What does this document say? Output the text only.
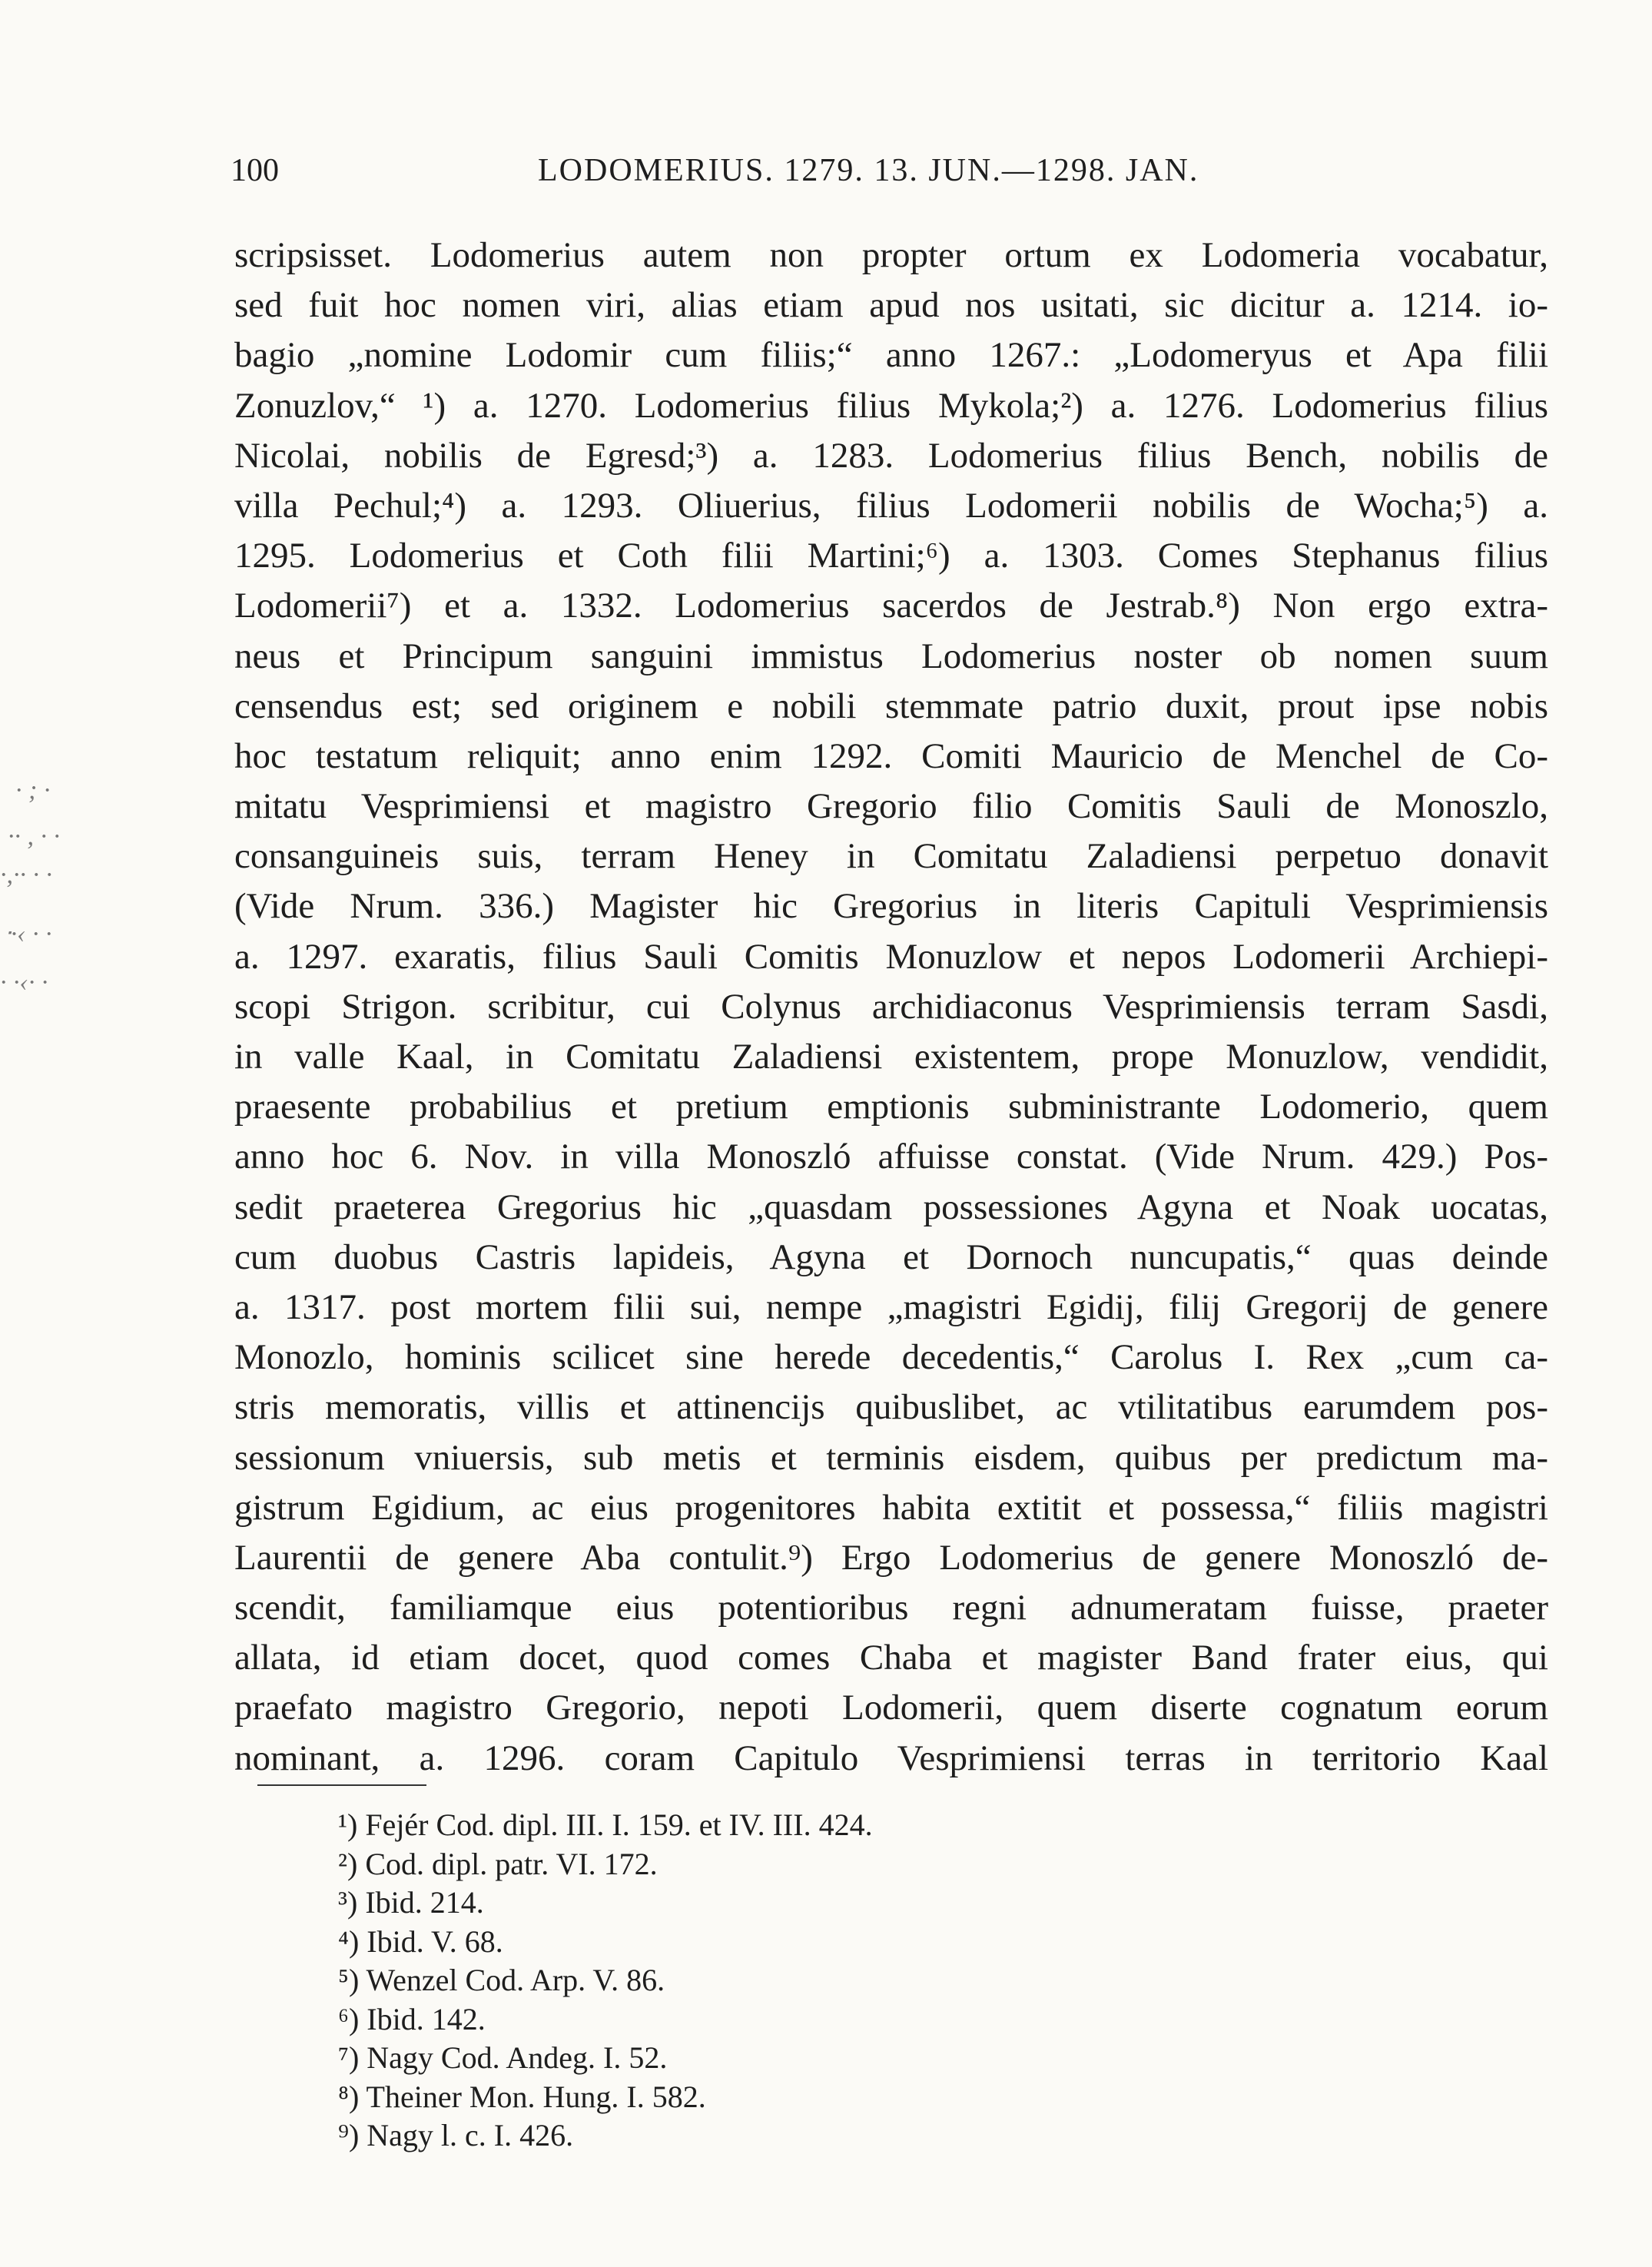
100	LODOMERIUS. 1279. 13. JUN.—1298. JAN.
scripsisset. Lodomerius autem non propter ortum ex Lodomeria vocabatur,
sed fuit hoc nomen viri, alias etiam apud nos usitati, sic dicitur a. 1214. io-
bagio „nomine Lodomir cum filiis;“ anno 1267.: „Lodomeryus et Apa filii
Zonuzlov,“ ¹) a. 1270. Lodomerius filius Mykola;²) a. 1276. Lodomerius filius
Nicolai, nobilis de Egresd;³) a. 1283. Lodomerius filius Bench, nobilis de
villa Pechul;⁴) a. 1293. Oliuerius, filius Lodomerii nobilis de Wocha;⁵) a.
1295. Lodomerius et Coth filii Martini;⁶) a. 1303. Comes Stephanus filius
Lodomerii⁷) et a. 1332. Lodomerius sacerdos de Jestrab.⁸) Non ergo extra-
neus et Principum sanguini immistus Lodomerius noster ob nomen suum
censendus est; sed originem e nobili stemmate patrio duxit, prout ipse nobis
hoc testatum reliquit; anno enim 1292. Comiti Mauricio de Menchel de Co-
mitatu Vesprimiensi et magistro Gregorio filio Comitis Sauli de Monoszlo,
consanguineis suis, terram Heney in Comitatu Zaladiensi perpetuo donavit
(Vide Nrum. 336.) Magister hic Gregorius in literis Capituli Vesprimiensis
a. 1297. exaratis, filius Sauli Comitis Monuzlow et nepos Lodomerii Archiepi-
scopi Strigon. scribitur, cui Colynus archidiaconus Vesprimiensis terram Sasdi,
in valle Kaal, in Comitatu Zaladiensi existentem, prope Monuzlow, vendidit,
praesente probabilius et pretium emptionis subministrante Lodomerio, quem
anno hoc 6. Nov. in villa Monoszló affuisse constat. (Vide Nrum. 429.) Pos-
sedit praeterea Gregorius hic „quasdam possessiones Agyna et Noak uocatas,
cum duobus Castris lapideis, Agyna et Dornoch nuncupatis,“ quas deinde
a. 1317. post mortem filii sui, nempe „magistri Egidij, filij Gregorij de genere
Monozlo, hominis scilicet sine herede decedentis,“ Carolus I. Rex „cum ca-
stris memoratis, villis et attinencijs quibuslibet, ac vtilitatibus earumdem pos-
sessionum vniuersis, sub metis et terminis eisdem, quibus per predictum ma-
gistrum Egidium, ac eius progenitores habita extitit et possessa,“ filiis magistri
Laurentii de genere Aba contulit.⁹) Ergo Lodomerius de genere Monoszló de-
scendit, familiamque eius potentioribus regni adnumeratam fuisse, praeter
allata, id etiam docet, quod comes Chaba et magister Band frater eius, qui
praefato magistro Gregorio, nepoti Lodomerii, quem diserte cognatum eorum
nominant, a. 1296. coram Capitulo Vesprimiensi terras in territorio Kaal
¹) Fejér Cod. dipl. III. I. 159. et IV. III. 424.
²) Cod. dipl. patr. VI. 172.
³) Ibid. 214.
⁴) Ibid. V. 68.
⁵) Wenzel Cod. Arp. V. 86.
⁶) Ibid. 142.
⁷) Nagy Cod. Andeg. I. 52.
⁸) Theiner Mon. Hung. I. 582.
⁹) Nagy l. c. I. 426.
· ; ·
·· , · ·
·,·· · ·
ᐧ·‹ · ·
· ·‹· ·
